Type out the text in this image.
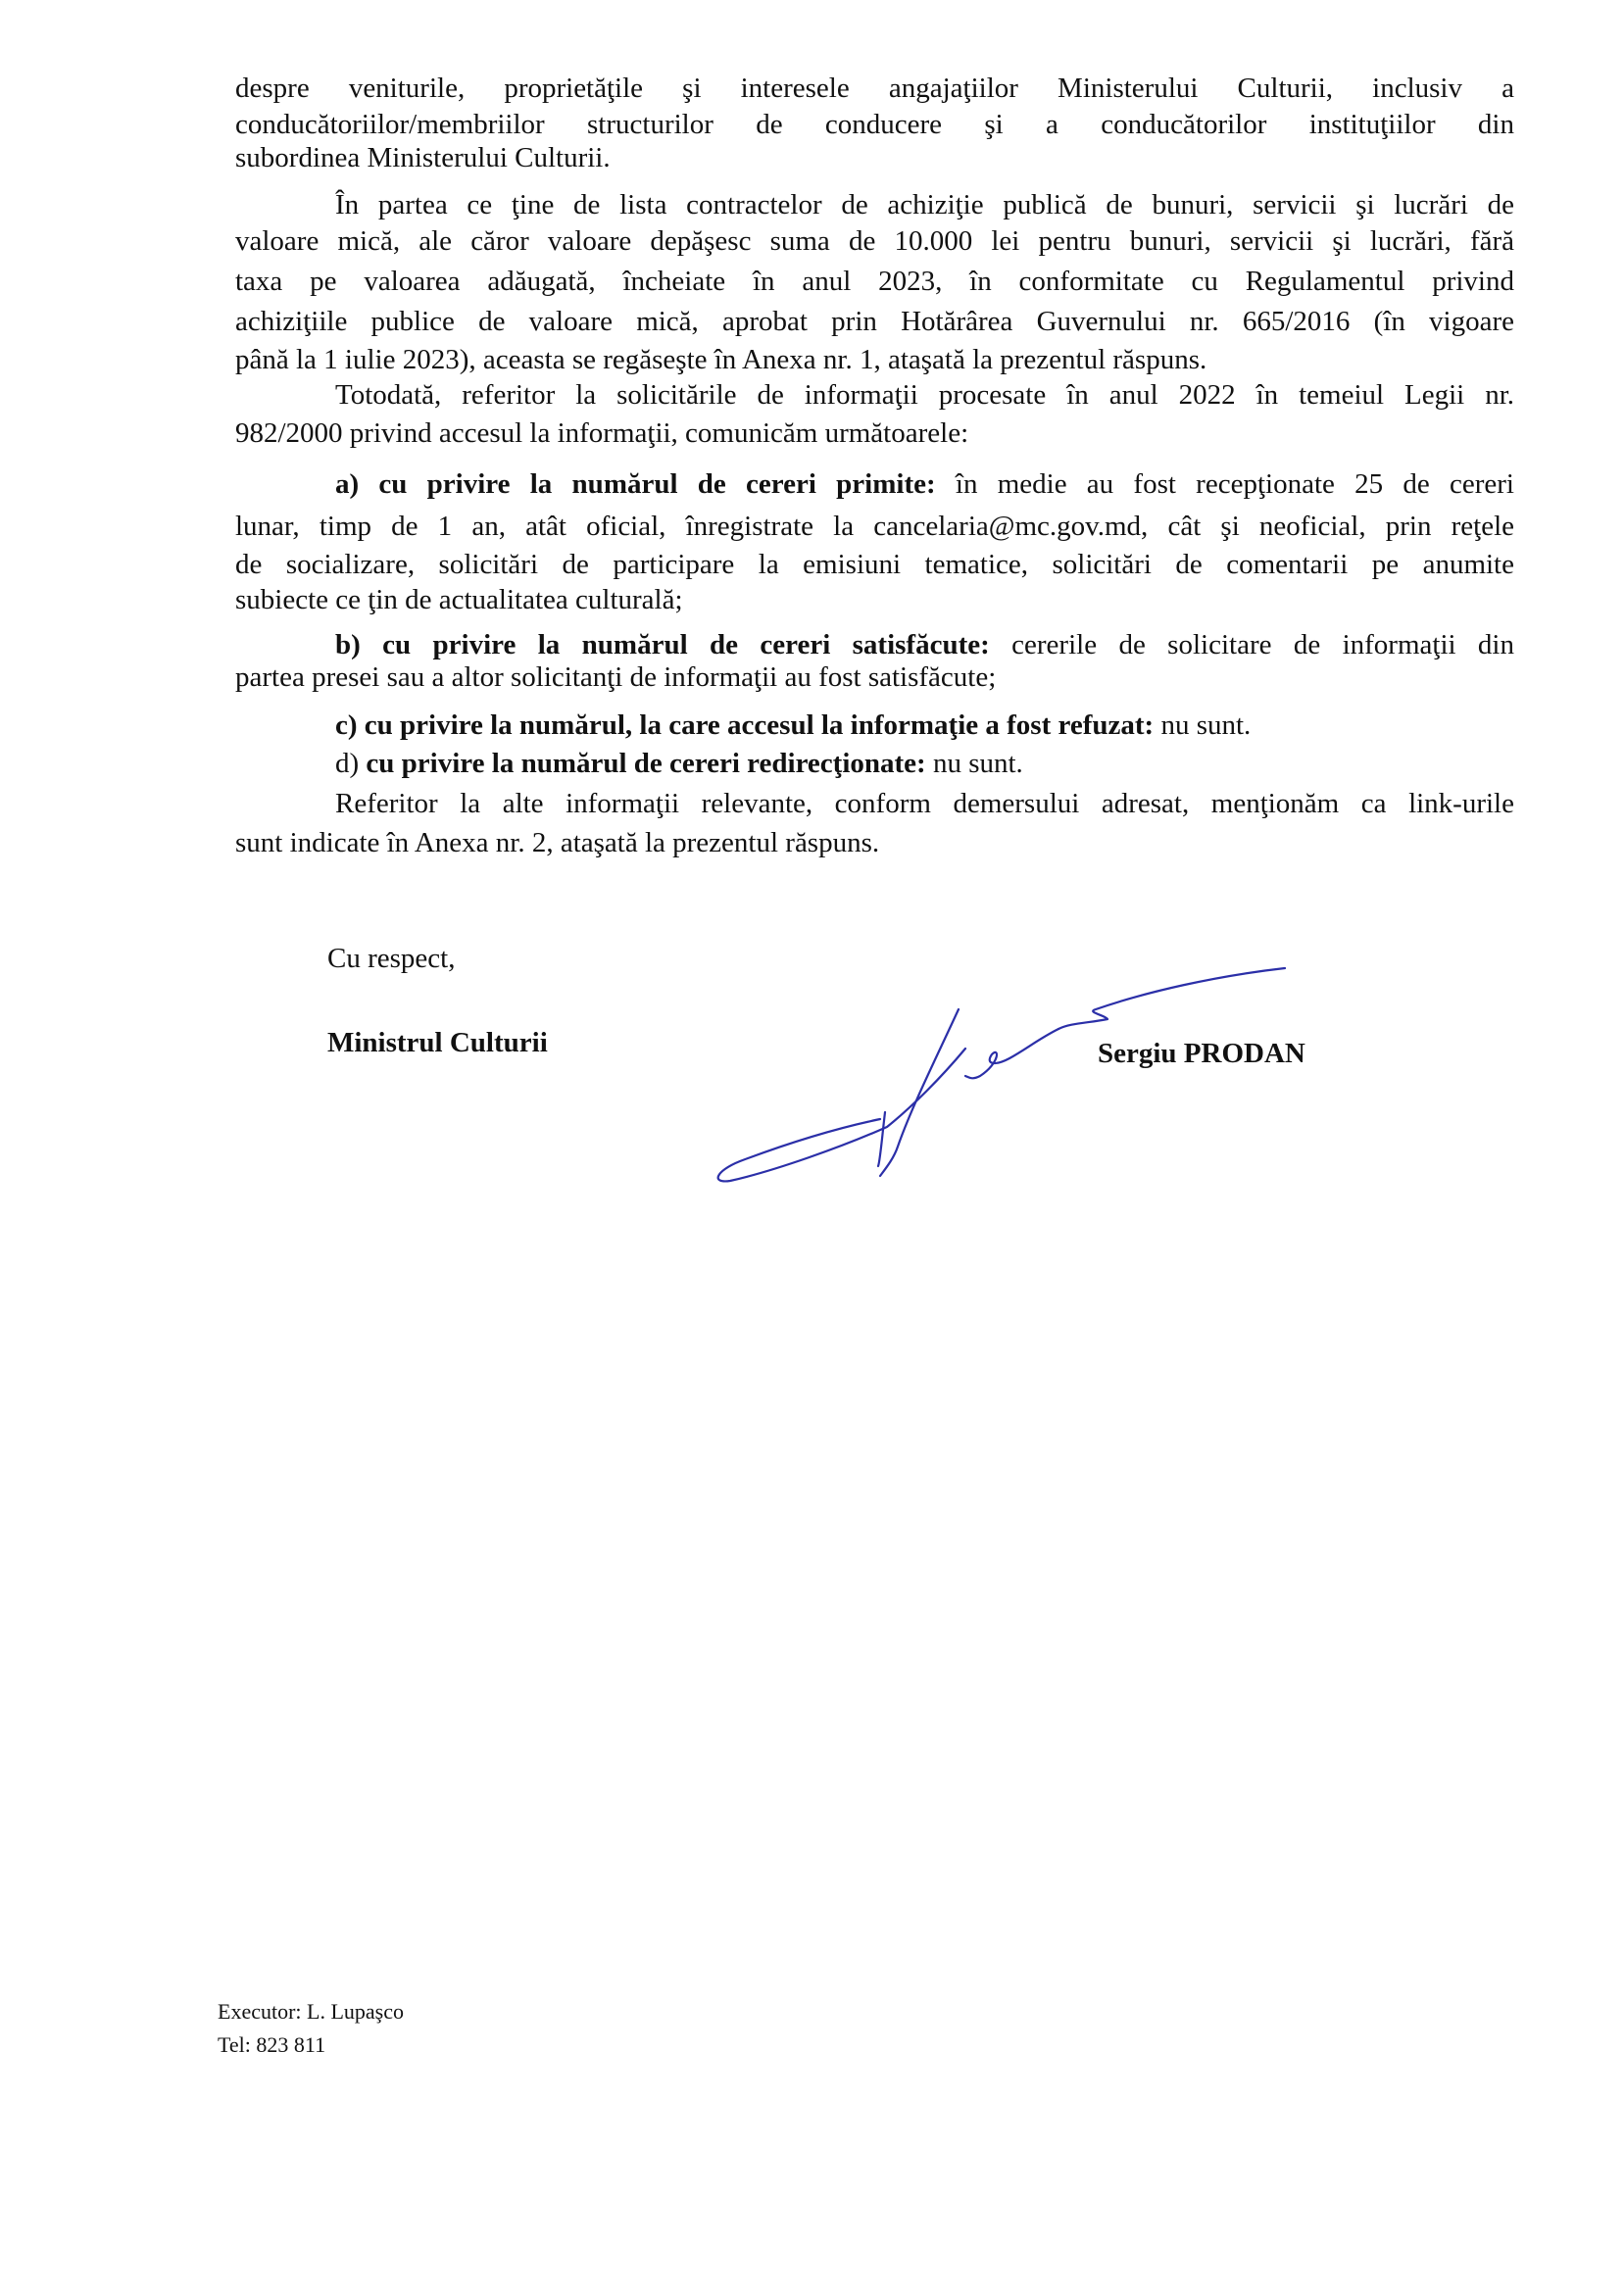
despre veniturile, proprietăţile şi interesele angajaţiilor Ministerului Culturii, inclusiv a
conducătoriilor/membriilor structurilor de conducere şi a conducătorilor instituţiilor din
subordinea Ministerului Culturii.
În partea ce ţine de lista contractelor de achiziţie publică de bunuri, servicii şi lucrări de
valoare mică, ale căror valoare depăşesc suma de 10.000 lei pentru bunuri, servicii şi lucrări, fără
taxa pe valoarea adăugată, încheiate în anul 2023, în conformitate cu Regulamentul privind
achiziţiile publice de valoare mică, aprobat prin Hotărârea Guvernului nr. 665/2016 (în vigoare
până la 1 iulie 2023), aceasta se regăseşte în Anexa nr. 1, ataşată la prezentul răspuns.
Totodată, referitor la solicitările de informaţii procesate în anul 2022 în temeiul Legii nr.
982/2000 privind accesul la informaţii, comunicăm următoarele:
a) cu privire la numărul de cereri primite: în medie au fost recepţionate 25 de cereri
lunar, timp de 1 an, atât oficial, înregistrate la cancelaria@mc.gov.md, cât şi neoficial, prin reţele
de socializare, solicitări de participare la emisiuni tematice, solicitări de comentarii pe anumite
subiecte ce ţin de actualitatea culturală;
b) cu privire la numărul de cereri satisfăcute: cererile de solicitare de informaţii din
partea presei sau a altor solicitanţi de informaţii au fost satisfăcute;
c) cu privire la numărul, la care accesul la informaţie a fost refuzat: nu sunt.
d) cu privire la numărul de cereri redirecţionate: nu sunt.
Referitor la alte informaţii relevante, conform demersului adresat, menţionăm ca link-urile
sunt indicate în Anexa nr. 2, ataşată la prezentul răspuns.
Cu respect,
Ministrul Culturii	Sergiu PRODAN
Executor: L. Lupaşco
Tel: 823 811
